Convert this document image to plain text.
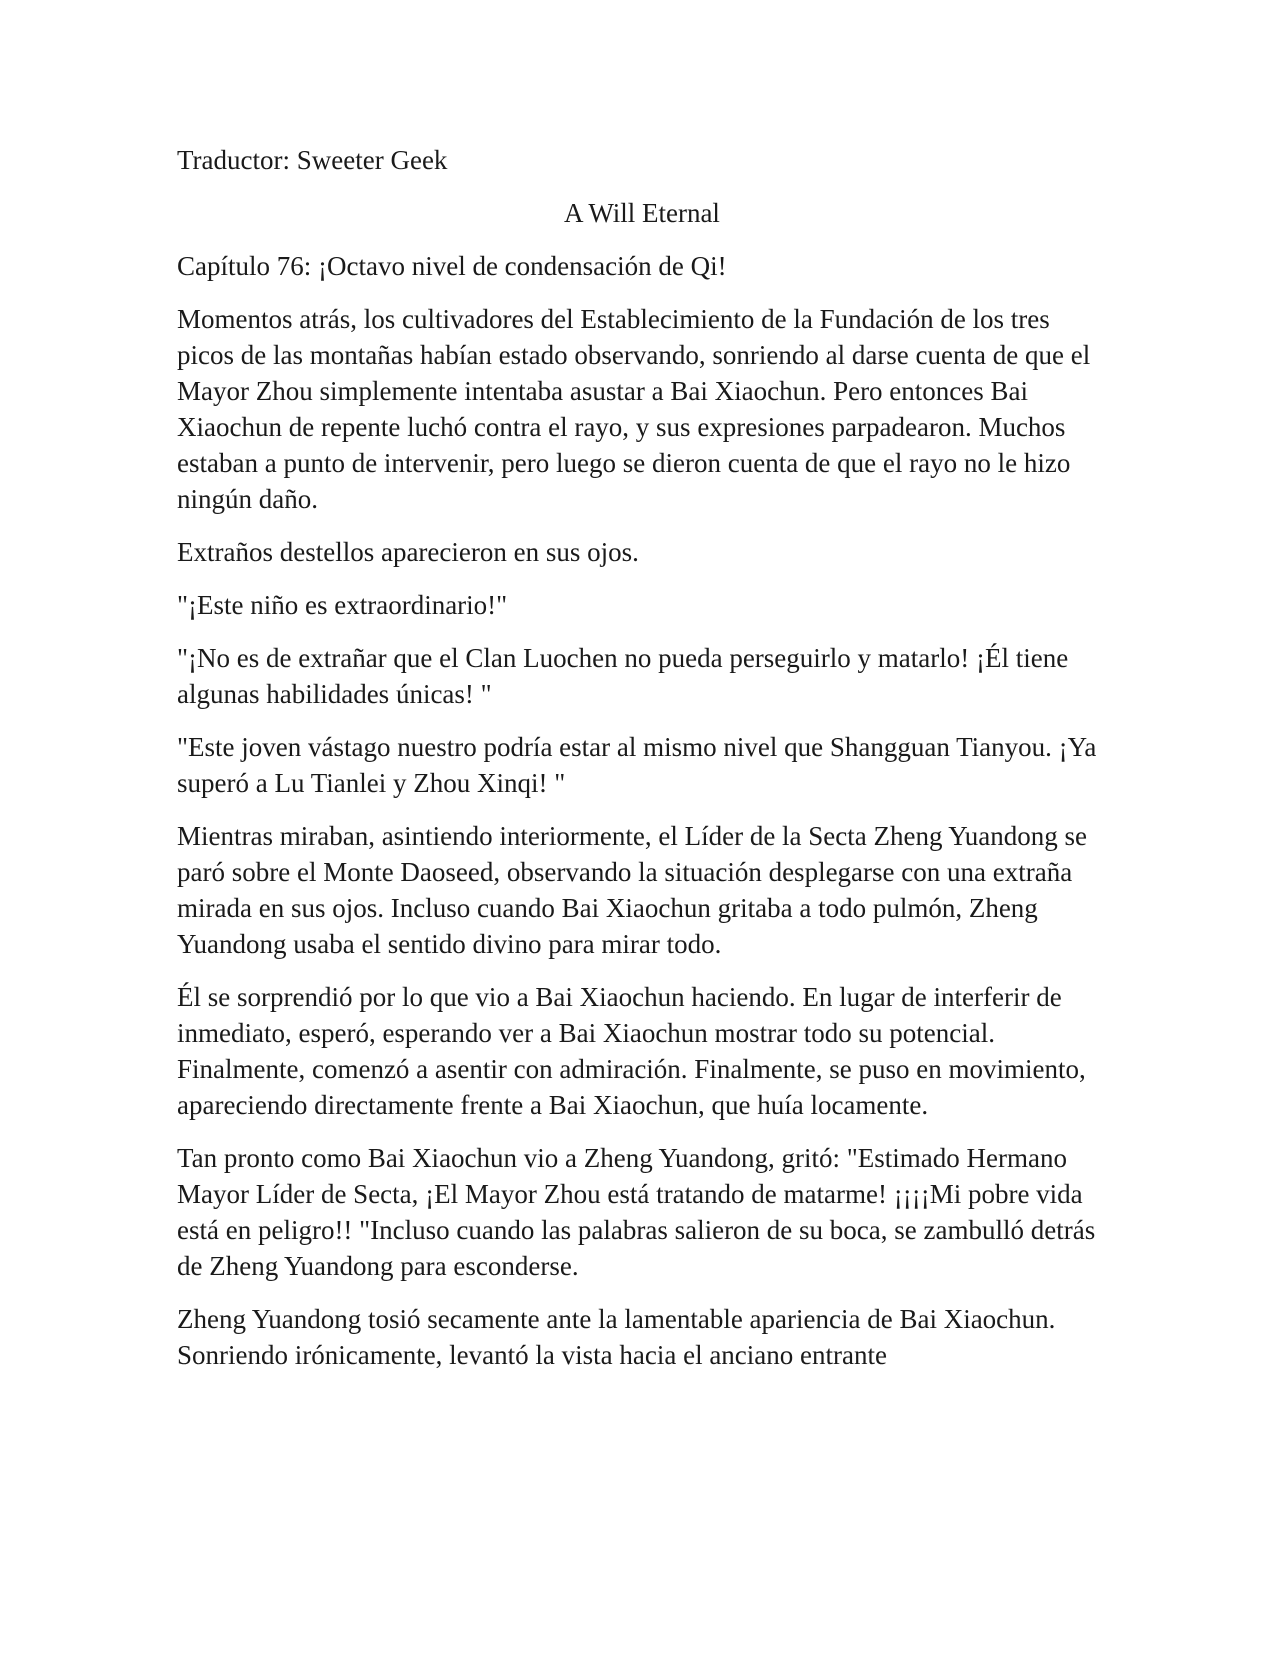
Traductor: Sweeter Geek

A Will Eternal

Capítulo 76: ¡Octavo nivel de condensación de Qi!

Momentos atrás, los cultivadores del Establecimiento de la Fundación de los tres picos de las montañas habían estado observando, sonriendo al darse cuenta de que el Mayor Zhou simplemente intentaba asustar a Bai Xiaochun. Pero entonces Bai Xiaochun de repente luchó contra el rayo, y sus expresiones parpadearon. Muchos estaban a punto de intervenir, pero luego se dieron cuenta de que el rayo no le hizo ningún daño.

Extraños destellos aparecieron en sus ojos.

"¡Este niño es extraordinario!"

"¡No es de extrañar que el Clan Luochen no pueda perseguirlo y matarlo! ¡Él tiene algunas habilidades únicas! "

"Este joven vástago nuestro podría estar al mismo nivel que Shangguan Tianyou. ¡Ya superó a Lu Tianlei y Zhou Xinqi! "

Mientras miraban, asintiendo interiormente, el Líder de la Secta Zheng Yuandong se paró sobre el Monte Daoseed, observando la situación desplegarse con una extraña mirada en sus ojos. Incluso cuando Bai Xiaochun gritaba a todo pulmón, Zheng Yuandong usaba el sentido divino para mirar todo.

Él se sorprendió por lo que vio a Bai Xiaochun haciendo. En lugar de interferir de inmediato, esperó, esperando ver a Bai Xiaochun mostrar todo su potencial. Finalmente, comenzó a asentir con admiración. Finalmente, se puso en movimiento, apareciendo directamente frente a Bai Xiaochun, que huía locamente.

Tan pronto como Bai Xiaochun vio a Zheng Yuandong, gritó: "Estimado Hermano Mayor Líder de Secta, ¡El Mayor Zhou está tratando de matarme! ¡¡¡¡Mi pobre vida está en peligro!! "Incluso cuando las palabras salieron de su boca, se zambulló detrás de Zheng Yuandong para esconderse.

Zheng Yuandong tosió secamente ante la lamentable apariencia de Bai Xiaochun. Sonriendo irónicamente, levantó la vista hacia el anciano entrante
